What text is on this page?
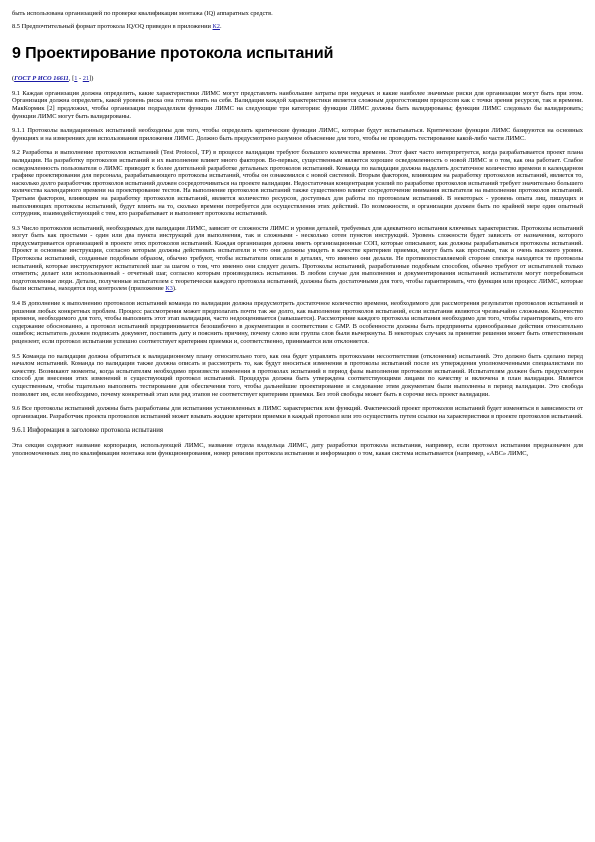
быть использована организацией по проверке квалификации монтажа (IQ) аппаратных средств.

8.5 Предпочтительный формат протокола IQ/OQ приведен в приложении К2.

9 Проектирование протокола испытаний

(ГОСТ Р ИСО 16611, [1 - 21])

9.1 Каждая организация должна определить, какие характеристики ЛИМС могут представлять наибольшие затраты при неудачах и какие наиболее значимые риски для организации могут быть при этом. Организация должна определить, какой уровень риска она готова взять на себя. Валидация каждой характеристики является сложным дорогостоящим процессом как с точки зрения ресурсов, так и времени. МакКормик [2] предложил, чтобы организации подразделили функции ЛИМС на следующие три категории: функции ЛИМС должны быть валидированы; функции ЛИМС следовало бы валидировать; функции ЛИМС могут быть валидированы.

9.1.1 Протоколы валидационных испытаний необходимы для того, чтобы определить критические функции ЛИМС, которые будут испытываться. Критические функции ЛИМС базируются на основных функциях и на измерениях для использования приложения ЛИМС. Должно быть предусмотрено разумное объяснение для того, чтобы не проводить тестирование какой-либо части ЛИМС.

9.2 Разработка и выполнение протоколов испытаний (Test Protocol, TP) в процессе валидации требуют большого количества времени. Этот факт часто интерпретуется, когда разрабатывается проект плана валидации. На разработку протоколов испытаний и их выполнение влияет много факторов. Во-первых, существенным является хорошее осведомленность о новой ЛИМС и о том, как она работает. Слабое осведомленность пользователя о ЛИМС приводит к более длительной разработке детальных протоколов испытаний. Команда по валидации должна выделить достаточное количество времени в календарном графике проектирования для персонала, разрабатывающего протоколы испытаний, чтобы он ознакомился с новой системой. Вторым фактором, влияющим на разработку протоколов испытаний, является то, насколько долго разработчик протоколов испытаний должен сосредоточиваться на проекте валидации. Недостаточная концентрация усилий по разработке протоколов испытаний требует значительно большего количества календарного времени на проектирование тестов. На выполнение протоколов испытаний также существенно влияет сосредоточение внимания испытателя на выполнении протоколов испытаний. Третьим фактором, влияющим на разработку протоколов испытаний, является количество ресурсов, доступных для работы по протоколам испытаний. В некоторых - уровень опыта лиц, пишущих и выполняющих протоколы испытаний, будут влиять на то, сколько времени потребуется для осуществления этих действий. По возможности, в организации должен быть по крайней мере один опытный сотрудник, взаимодействующий с тем, кто разрабатывает и выполняет протоколы испытаний.

9.3 Число протоколов испытаний, необходимых для валидации ЛИМС, зависит от сложности ЛИМС и уровня деталей, требуемых для адекватного испытания ключевых характеристик. Протоколы испытаний могут быть как простыми - один или два пункта инструкций для выполнения, так и сложными - несколько сотен пунктов инструкций. Уровень сложности будет зависеть от назначения, которого предусматривается организацией в проекте этих протоколов испытаний. Каждая организация должна иметь организационные СОП, которые описывают, как должны разрабатываться протоколы испытаний. Проект и основные инструкции, согласно которым должны действовать испытатели и что они должны увидеть в качестве критериев приемки, могут быть как простыми, так и очень высокого уровня. Протоколы испытаний, созданные подобным образом, обычно требуют, чтобы испытатели описали в деталях, что именно они делали. Не противопоставляемой стороне спектра находятся те протоколы испытаний, которые инструктируют испытателей шаг за шагом о том, что именно они следует делать. Протоколы испытаний, разработанные подобным способом, обычно требуют от испытателей только отметить; делает или использованный - отчетный шаг, согласно которым производились испытания. В любом случае для выполнения и документирования испытаний испытатели могут потребоваться подготовленные люди. Детали, полученные испытателем с теоретически каждого протокола испытаний, должны быть достаточными для того, чтобы гарантировать, что функция или процесс ЛИМС, которые были испытаны, находятся под контролем (приложение К3).

9.4 В дополнение к выполнению протоколов испытаний команда по валидации должна предусмотреть достаточное количество времени, необходимого для рассмотрения результатов протоколов испытаний и решения любых конкретных проблем. Процесс рассмотрения может предполагать почти так же долго, как выполнение протоколов испытаний, если испытания являются чрезвычайно сложными. Количество времени, необходимого для того, чтобы выполнить этот этап валидации, часто недооценивается (завышается). Рассмотрение каждого протокола испытания необходимо для того, чтобы гарантировать, что его содержание обоснованно, а протокол испытаний предпринимается безошибочно в документации в соответствии с GMP. В особенности должны быть предприняты единообразные действия относительно ошибок; испытатель должен подписать документ, поставить дату и пояснить причину, почему слово или группа слов были вычеркнуты. В некоторых случаях за принятие решения может быть ответственным рецензент, если протокол испытания успешно соответствует критериям приемки и, соответственно, принимается или отклоняется.

9.5 Команда по валидации должна обратиться к валидационному плану относительно того, как она будет управлять протоколами несоответствия (отклонения) испытаний. Это должно быть сделано перед началом испытаний. Команда по валидации также должна описать и рассмотреть то, как будут вноситься изменения в протоколы испытаний после их утверждения уполномоченными специалистами по качеству. Возникают моменты, когда испытателям необходимо произвести изменения в протоколах испытаний в период фазы выполнения протоколов испытаний. Испытателям должен быть предусмотрен способ для внесения этих изменений в существующий протокол испытаний. Процедура должна быть утверждена соответствующими лицами по качеству и включена в план валидации. Является существенным, чтобы тщательно выполнять тестирование для обеспечения того, чтобы дальнейшие проектирование и следование этим документам были выполнены в период валидации. Это свобода позволяет им, если необходимо, почему конкретный этап или ряд этапов не соответствует критериям приемки. Без этой свободы может быть в сорочке весь проект валидации.

9.6 Все протоколы испытаний должны быть разработаны для испытания установленных в ЛИМС характеристик или функций. Фактический проект протоколов испытаний будет изменяться в зависимости от организации. Разработчик проекта протоколов испытаний может взывать жидкие критерии приемки в каждый протокол или это осуществить путем ссылки на характеристики в проекте протоколов испытаний.

9.6.1 Информация в заголовке протокола испытания

Эта секция содержит название корпорации, использующей ЛИМС, название отдела владельца ЛИМС, дату разработки протокола испытания, например, если протокол испытания предназначен для уполномоченных лиц по квалификации монтажа или функционирования, номер ревизии протокола испытания и информацию о том, какая система испытывается (например, «АВС» ЛИМС,
